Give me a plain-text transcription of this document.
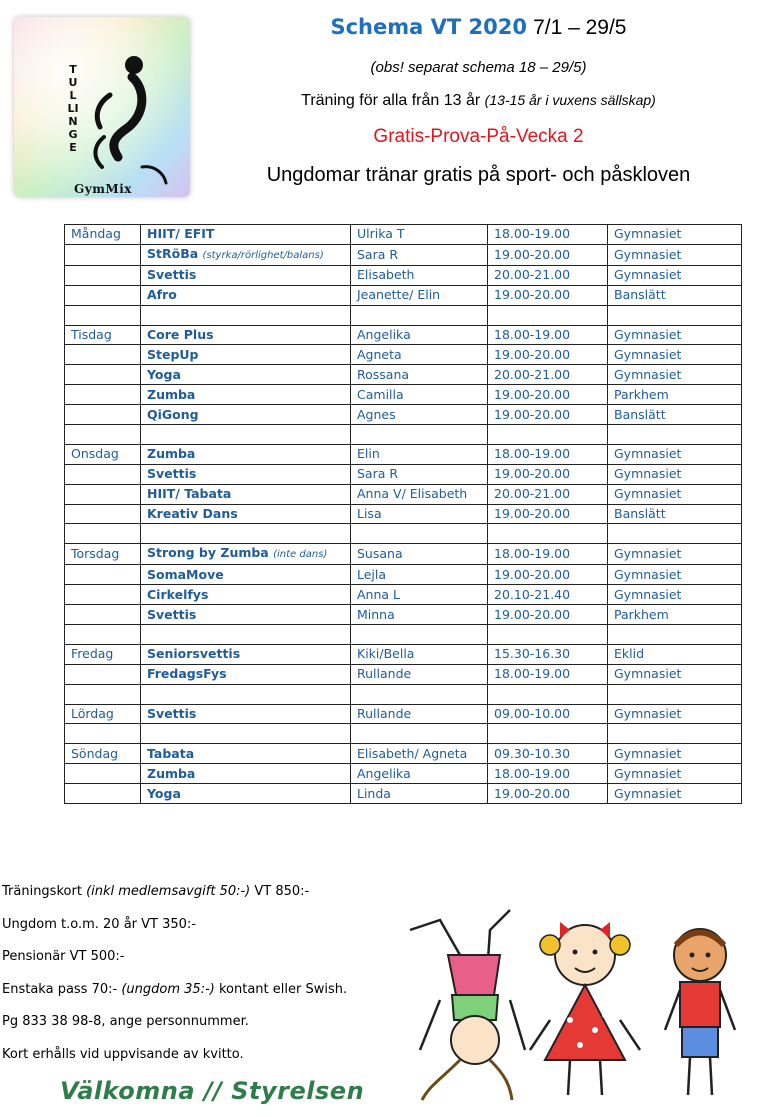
TULLINGE
GymMix
Schema VT 2020 7/1 – 29/5
(obs! separat schema 18 – 29/5)
Träning för alla från 13 år (13-15 år i vuxens sällskap)
Gratis-Prova-På-Vecka 2
Ungdomar tränar gratis på sport- och påskloven
Måndag	HIIT/ EFIT	Ulrika T	18.00-19.00	Gymnasiet
	StRöBa (styrka/rörlighet/balans)	Sara R	19.00-20.00	Gymnasiet
	Svettis	Elisabeth	20.00-21.00	Gymnasiet
	Afro	Jeanette/ Elin	19.00-20.00	Banslätt

Tisdag	Core Plus	Angelika	18.00-19.00	Gymnasiet
	StepUp	Agneta	19.00-20.00	Gymnasiet
	Yoga	Rossana	20.00-21.00	Gymnasiet
	Zumba	Camilla	19.00-20.00	Parkhem
	QiGong	Agnes	19.00-20.00	Banslätt

Onsdag	Zumba	Elin	18.00-19.00	Gymnasiet
	Svettis	Sara R	19.00-20.00	Gymnasiet
	HIIT/ Tabata	Anna V/ Elisabeth	20.00-21.00	Gymnasiet
	Kreativ Dans	Lisa	19.00-20.00	Banslätt

Torsdag	Strong by Zumba (inte dans)	Susana	18.00-19.00	Gymnasiet
	SomaMove	Lejla	19.00-20.00	Gymnasiet
	Cirkelfys	Anna L	20.10-21.40	Gymnasiet
	Svettis	Minna	19.00-20.00	Parkhem

Fredag	Seniorsvettis	Kiki/Bella	15.30-16.30	Eklid
	FredagsFys	Rullande	18.00-19.00	Gymnasiet

Lördag	Svettis	Rullande	09.00-10.00	Gymnasiet

Söndag	Tabata	Elisabeth/ Agneta	09.30-10.30	Gymnasiet
	Zumba	Angelika	18.00-19.00	Gymnasiet
	Yoga	Linda	19.00-20.00	Gymnasiet
Träningskort (inkl medlemsavgift 50:-) VT 850:-
Ungdom t.o.m. 20 år VT 350:-
Pensionär VT 500:-
Enstaka pass 70:- (ungdom 35:-) kontant eller Swish.
Pg 833 38 98-8, ange personnummer.
Kort erhålls vid uppvisande av kvitto.
Välkomna // Styrelsen
